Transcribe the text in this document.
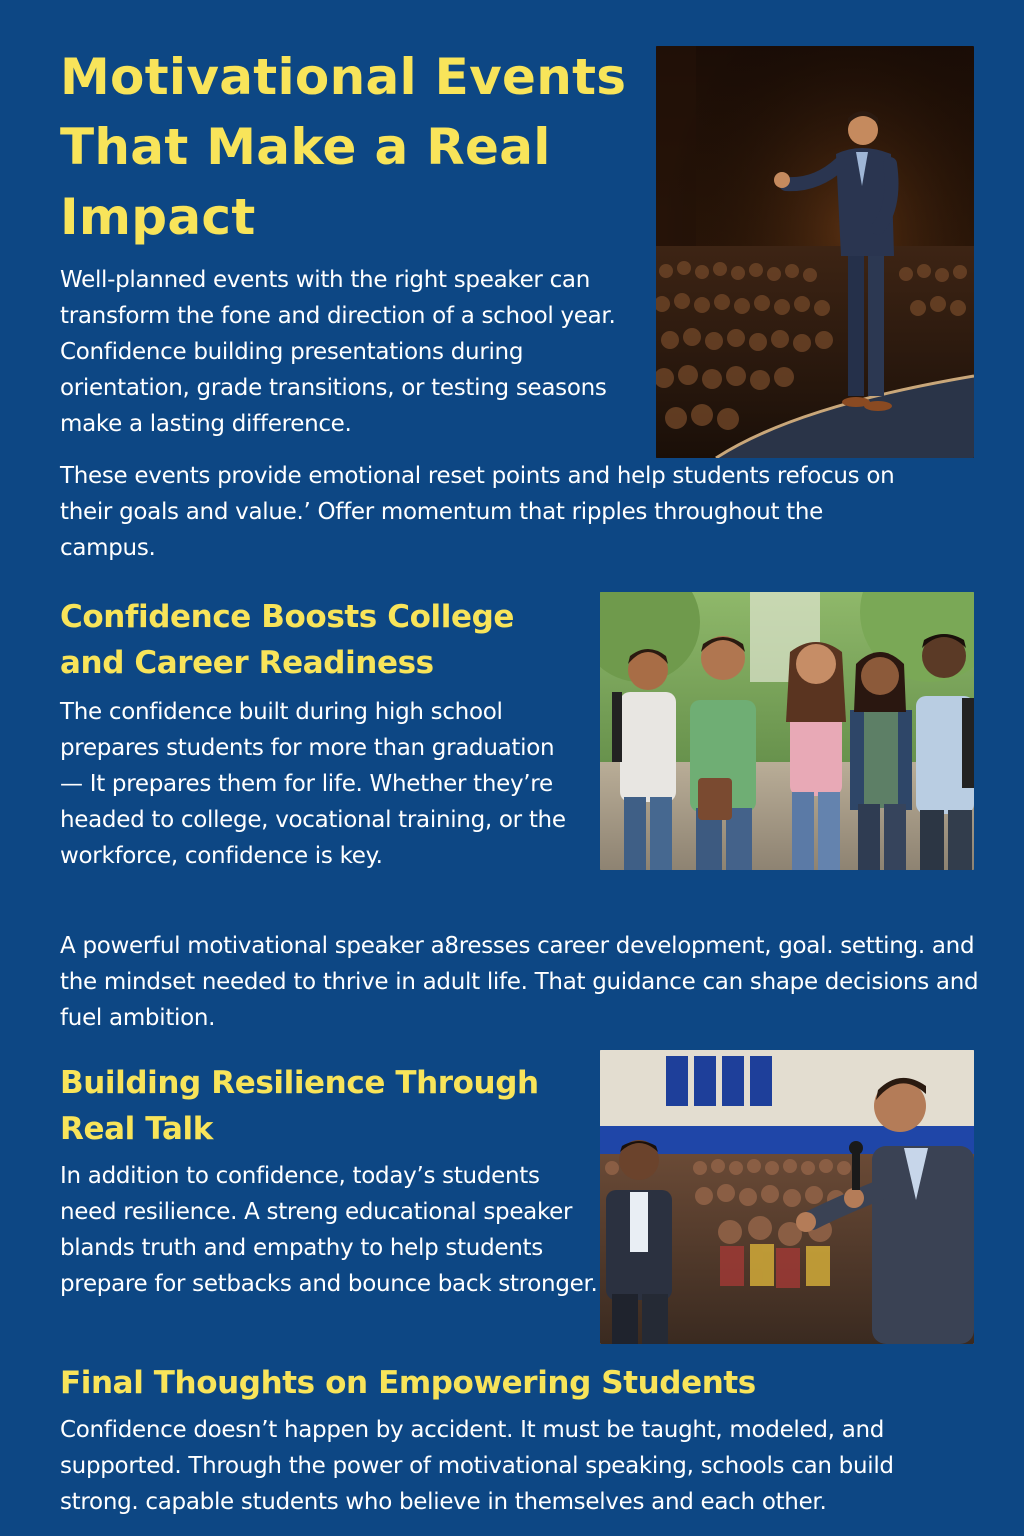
Motivational Events That Make a Real Impact

Well-planned events with the right speaker can transform the fone and direction of a school year. Confidence building presentations during orientation, grade transitions, or testing seasons make a lasting difference.

These events provide emotional reset points and help students refocus on their goals and value.’ Offer momentum that ripples throughout the campus.

Confidence Boosts College and Career Readiness

The confidence built during high school prepares students for more than graduation — It prepares them for life. Whether they’re headed to college, vocational training, or the workforce, confidence is key.

A powerful motivational speaker a8resses career development, goal. setting. and the mindset needed to thrive in adult life. That guidance can shape decisions and fuel ambition.

Building Resilience Through Real Talk

In addition to confidence, today’s students need resilience. A streng educational speaker blands truth and empathy to help students prepare for setbacks and bounce back stronger.

Final Thoughts on Empowering Students

Confidence doesn’t happen by accident. It must be taught, modeled, and supported. Through the power of motivational speaking, schools can build strong. capable students who believe in themselves and each other.
